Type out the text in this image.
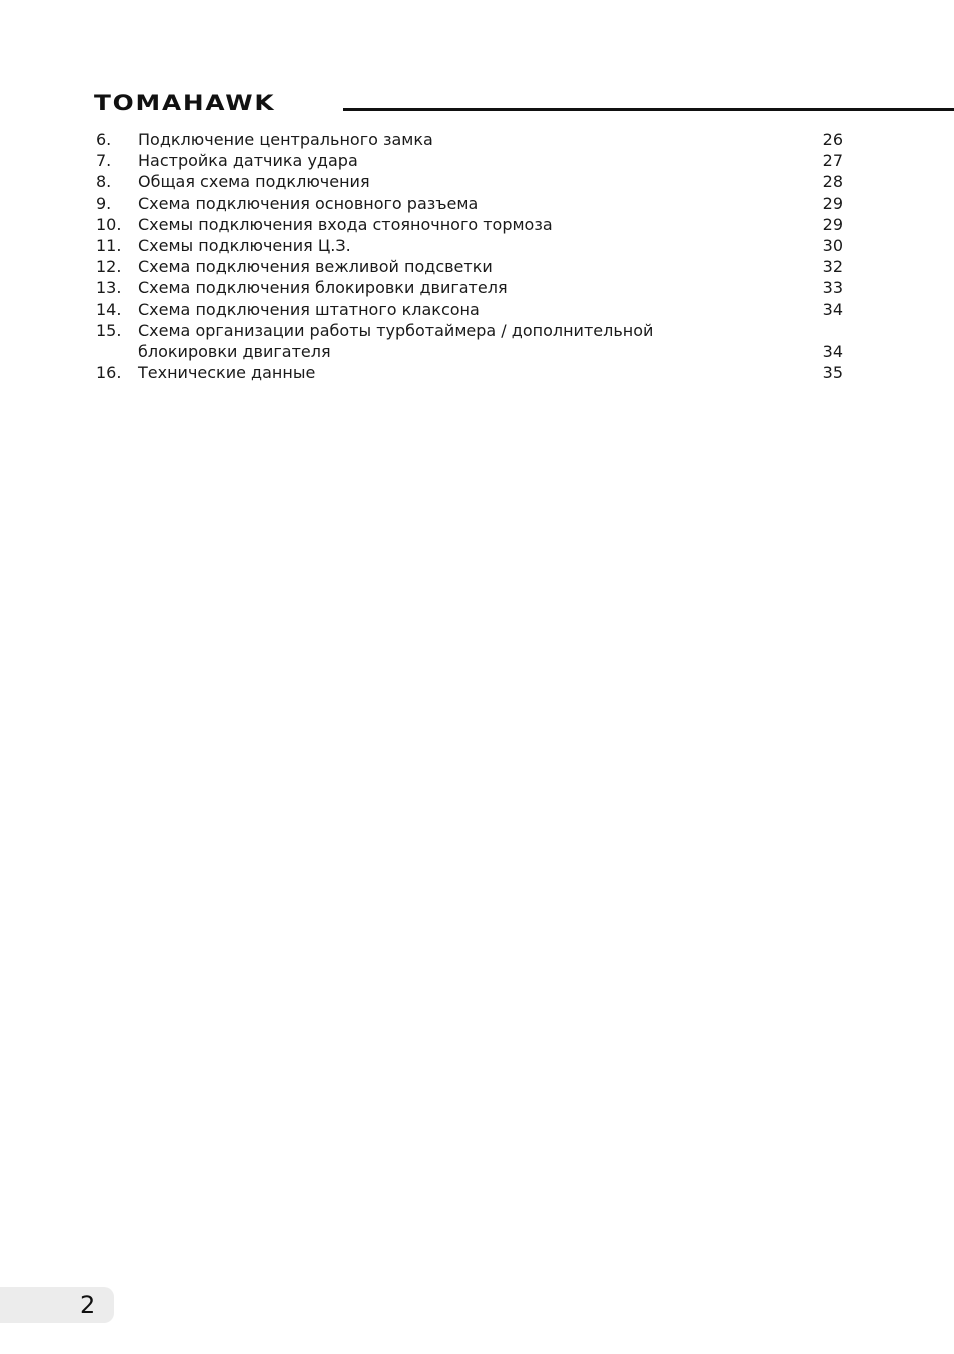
TOMAHAWK
6.	Подключение центрального замка	26
7.	Настройка датчика удара	27
8.	Общая схема подключения	28
9.	Схема подключения основного разъема	29
10.	Схемы подключения входа стояночного тормоза	29
11.	Схемы подключения Ц.З.	30
12.	Схема подключения вежливой подсветки	32
13.	Схема подключения блокировки двигателя	33
14.	Схема подключения штатного клаксона	34
15.	Схема организации работы турботаймера / дополнительной
блокировки двигателя	34
16.	Технические данные	35
2
